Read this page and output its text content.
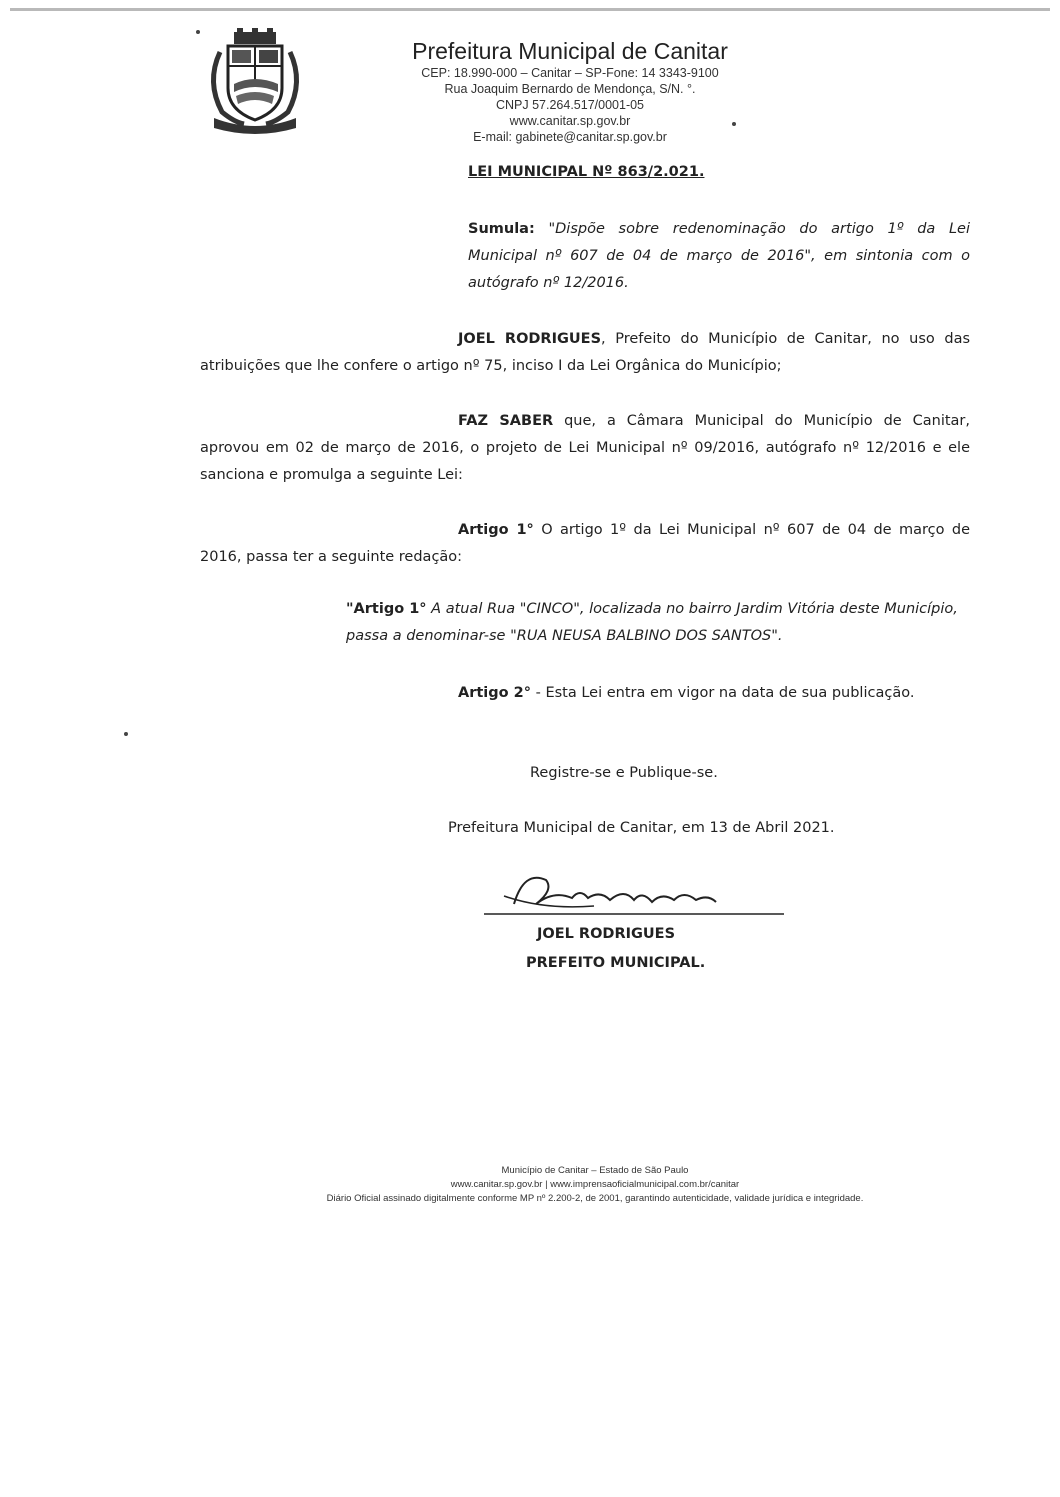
Prefeitura Municipal de Canitar
CEP: 18.990-000 – Canitar – SP-Fone: 14 3343-9100
Rua Joaquim Bernardo de Mendonça, S/N. °.
CNPJ 57.264.517/0001-05
www.canitar.sp.gov.br
E-mail: gabinete@canitar.sp.gov.br
LEI MUNICIPAL Nº 863/2.021.
Sumula: "Dispõe sobre redenominação do artigo 1º da Lei Municipal nº 607 de 04 de março de 2016", em sintonia com o autógrafo nº 12/2016.
JOEL RODRIGUES, Prefeito do Município de Canitar, no uso das atribuições que lhe confere o artigo nº 75, inciso I da Lei Orgânica do Município;
FAZ SABER que, a Câmara Municipal do Município de Canitar, aprovou em 02 de março de 2016, o projeto de Lei Municipal nº 09/2016, autógrafo nº 12/2016 e ele sanciona e promulga a seguinte Lei:
Artigo 1° O artigo 1º da Lei Municipal nº 607 de 04 de março de 2016, passa ter a seguinte redação:
"Artigo 1° A atual Rua "CINCO", localizada no bairro Jardim Vitória deste Município, passa a denominar-se "RUA NEUSA BALBINO DOS SANTOS".
Artigo 2° - Esta Lei entra em vigor na data de sua publicação.
Registre-se e Publique-se.
Prefeitura Municipal de Canitar, em 13 de Abril 2021.
JOEL RODRIGUES
PREFEITO MUNICIPAL.
Município de Canitar – Estado de São Paulo
www.canitar.sp.gov.br | www.imprensaoficialmunicipal.com.br/canitar
Diário Oficial assinado digitalmente conforme MP nº 2.200-2, de 2001, garantindo autenticidade, validade jurídica e integridade.
